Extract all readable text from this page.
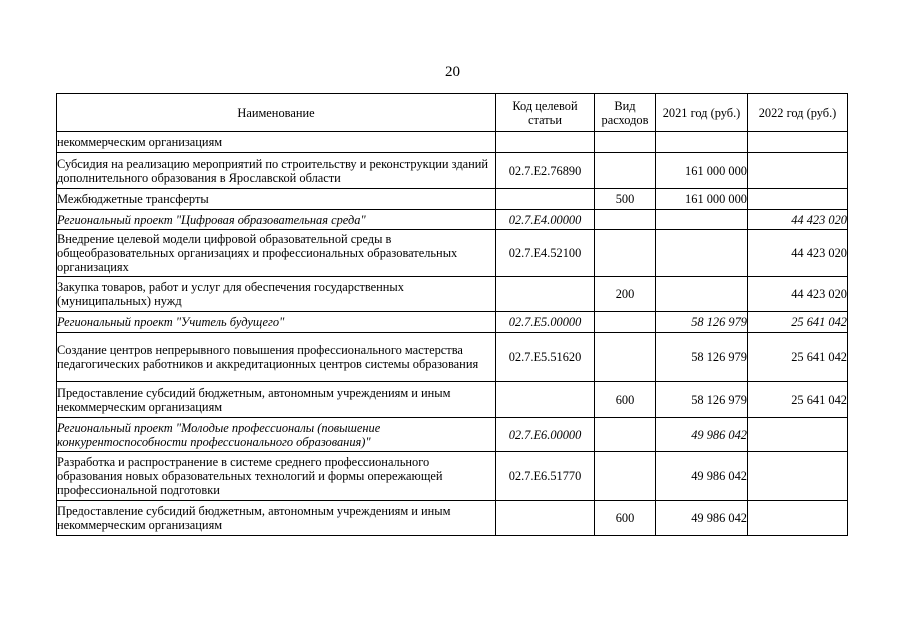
20
Наименование	Код целевой статьи	Вид расходов	2021 год (руб.)	2022 год (руб.)
некоммерческим организациям				
Субсидия на реализацию мероприятий по строительству и реконструкции зданий дополнительного образования в Ярославской области	02.7.E2.76890		161 000 000	
Межбюджетные трансферты		500	161 000 000	
Региональный проект "Цифровая образовательная среда"	02.7.E4.00000			44 423 020
Внедрение целевой модели цифровой образовательной среды в общеобразовательных организациях и профессиональных образовательных организациях	02.7.E4.52100			44 423 020
Закупка товаров, работ и услуг для обеспечения государственных (муниципальных) нужд		200		44 423 020
Региональный проект "Учитель будущего"	02.7.E5.00000		58 126 979	25 641 042
Создание центров непрерывного повышения профессионального мастерства педагогических работников и аккредитационных центров системы образования	02.7.E5.51620		58 126 979	25 641 042
Предоставление субсидий бюджетным, автономным учреждениям и иным некоммерческим организациям		600	58 126 979	25 641 042
Региональный проект "Молодые профессионалы (повышение конкурентоспособности профессионального образования)"	02.7.E6.00000		49 986 042	
Разработка и распространение в системе среднего профессионального образования новых образовательных технологий и формы опережающей профессиональной подготовки	02.7.E6.51770		49 986 042	
Предоставление субсидий бюджетным, автономным учреждениям и иным некоммерческим организациям		600	49 986 042	
